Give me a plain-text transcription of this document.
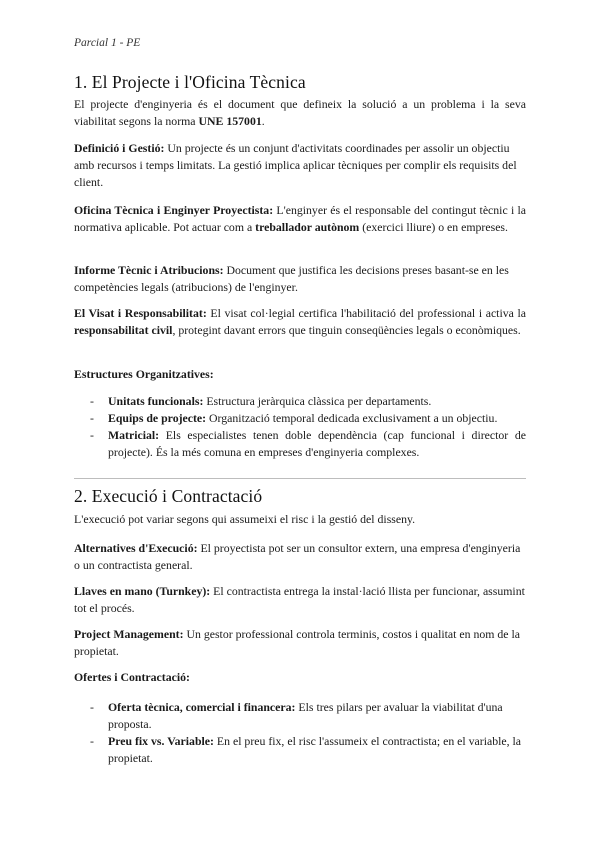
Parcial 1 - PE
1. El Projecte i l'Oficina Tècnica

El projecte d'enginyeria és el document que defineix la solució a un problema i la seva viabilitat segons la norma UNE 157001.

Definició i Gestió: Un projecte és un conjunt d'activitats coordinades per assolir un objectiu amb recursos i temps limitats. La gestió implica aplicar tècniques per complir els requisits del client.

Oficina Tècnica i Enginyer Proyectista: L'enginyer és el responsable del contingut tècnic i la normativa aplicable. Pot actuar com a treballador autònom (exercici lliure) o en empreses.

Informe Tècnic i Atribucions: Document que justifica les decisions preses basant-se en les competències legals (atribucions) de l'enginyer.

El Visat i Responsabilitat: El visat col·legial certifica l'habilitació del professional i activa la responsabilitat civil, protegint davant errors que tinguin conseqüències legals o econòmiques.

Estructures Organitzatives:

- Unitats funcionals: Estructura jeràrquica clàssica per departaments.
- Equips de projecte: Organització temporal dedicada exclusivament a un objectiu.
- Matricial: Els especialistes tenen doble dependència (cap funcional i director de projecte). És la més comuna en empreses d'enginyeria complexes.
2. Execució i Contractació

L'execució pot variar segons qui assumeixi el risc i la gestió del disseny.

Alternatives d'Execució: El proyectista pot ser un consultor extern, una empresa d'enginyeria o un contractista general.

Llaves en mano (Turnkey): El contractista entrega la instal·lació llista per funcionar, assumint tot el procés.

Project Management: Un gestor professional controla terminis, costos i qualitat en nom de la propietat.

Ofertes i Contractació:

- Oferta tècnica, comercial i financera: Els tres pilars per avaluar la viabilitat d'una proposta.
- Preu fix vs. Variable: En el preu fix, el risc l'assumeix el contractista; en el variable, la propietat.
